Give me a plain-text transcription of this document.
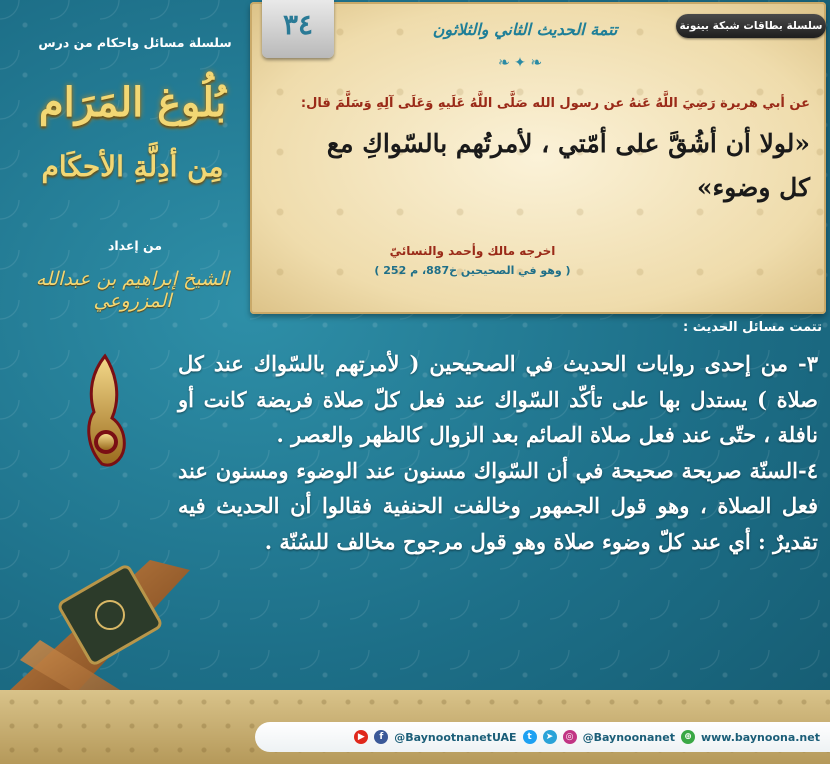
٣٤	سلسلة بطاقات شبكة بينونة
تتمة الحديث الثاني والثلاثون
❧ ✦ ❧
عن أبي هريرة رَضِيَ اللَّهُ عَنهُ عن رسول الله صَلَّى اللَّهُ عَلَيهِ وَعَلَى آلِهِ وَسَلَّمَ قال:
«لولا أن أشُقَّ على أمّتي ، لأمرتُهم بالسّواكِ مع كل وضوء»
اخرجه مالك وأحمد والنسائيّ
( وهو في الصحيحين خ887، م 252 )
سلسلة مسائل واحكام من درس
بُلُوغ المَرَام
مِن أدِلَّةِ الأحكَام
من إعداد
الشيخ إبراهيم بن عبدالله المزروعي
تتمت مسائل الحديث :

٣- من إحدى روايات الحديث في الصحيحين ( لأمرتهم بالسّواك عند كل صلاة ) يستدل بها على تأكّد السّواك عند فعل كلّ صلاة فريضة كانت أو نافلة ، حتّى عند فعل صلاة الصائم بعد الزوال كالظهر والعصر .

٤-السنّة صريحة صحيحة في أن السّواك مسنون عند الوضوء ومسنون عند فعل الصلاة ، وهو قول الجمهور وخالفت الحنفية فقالوا أن الحديث فيه تقديرٌ : أي عند كلّ وضوء صلاة وهو قول مرجوح مخالف للسُنّة .

▶	f	@BaynootnanetUAE	t	➤	◎ @Baynoonanet	⊕ www.baynoona.net
